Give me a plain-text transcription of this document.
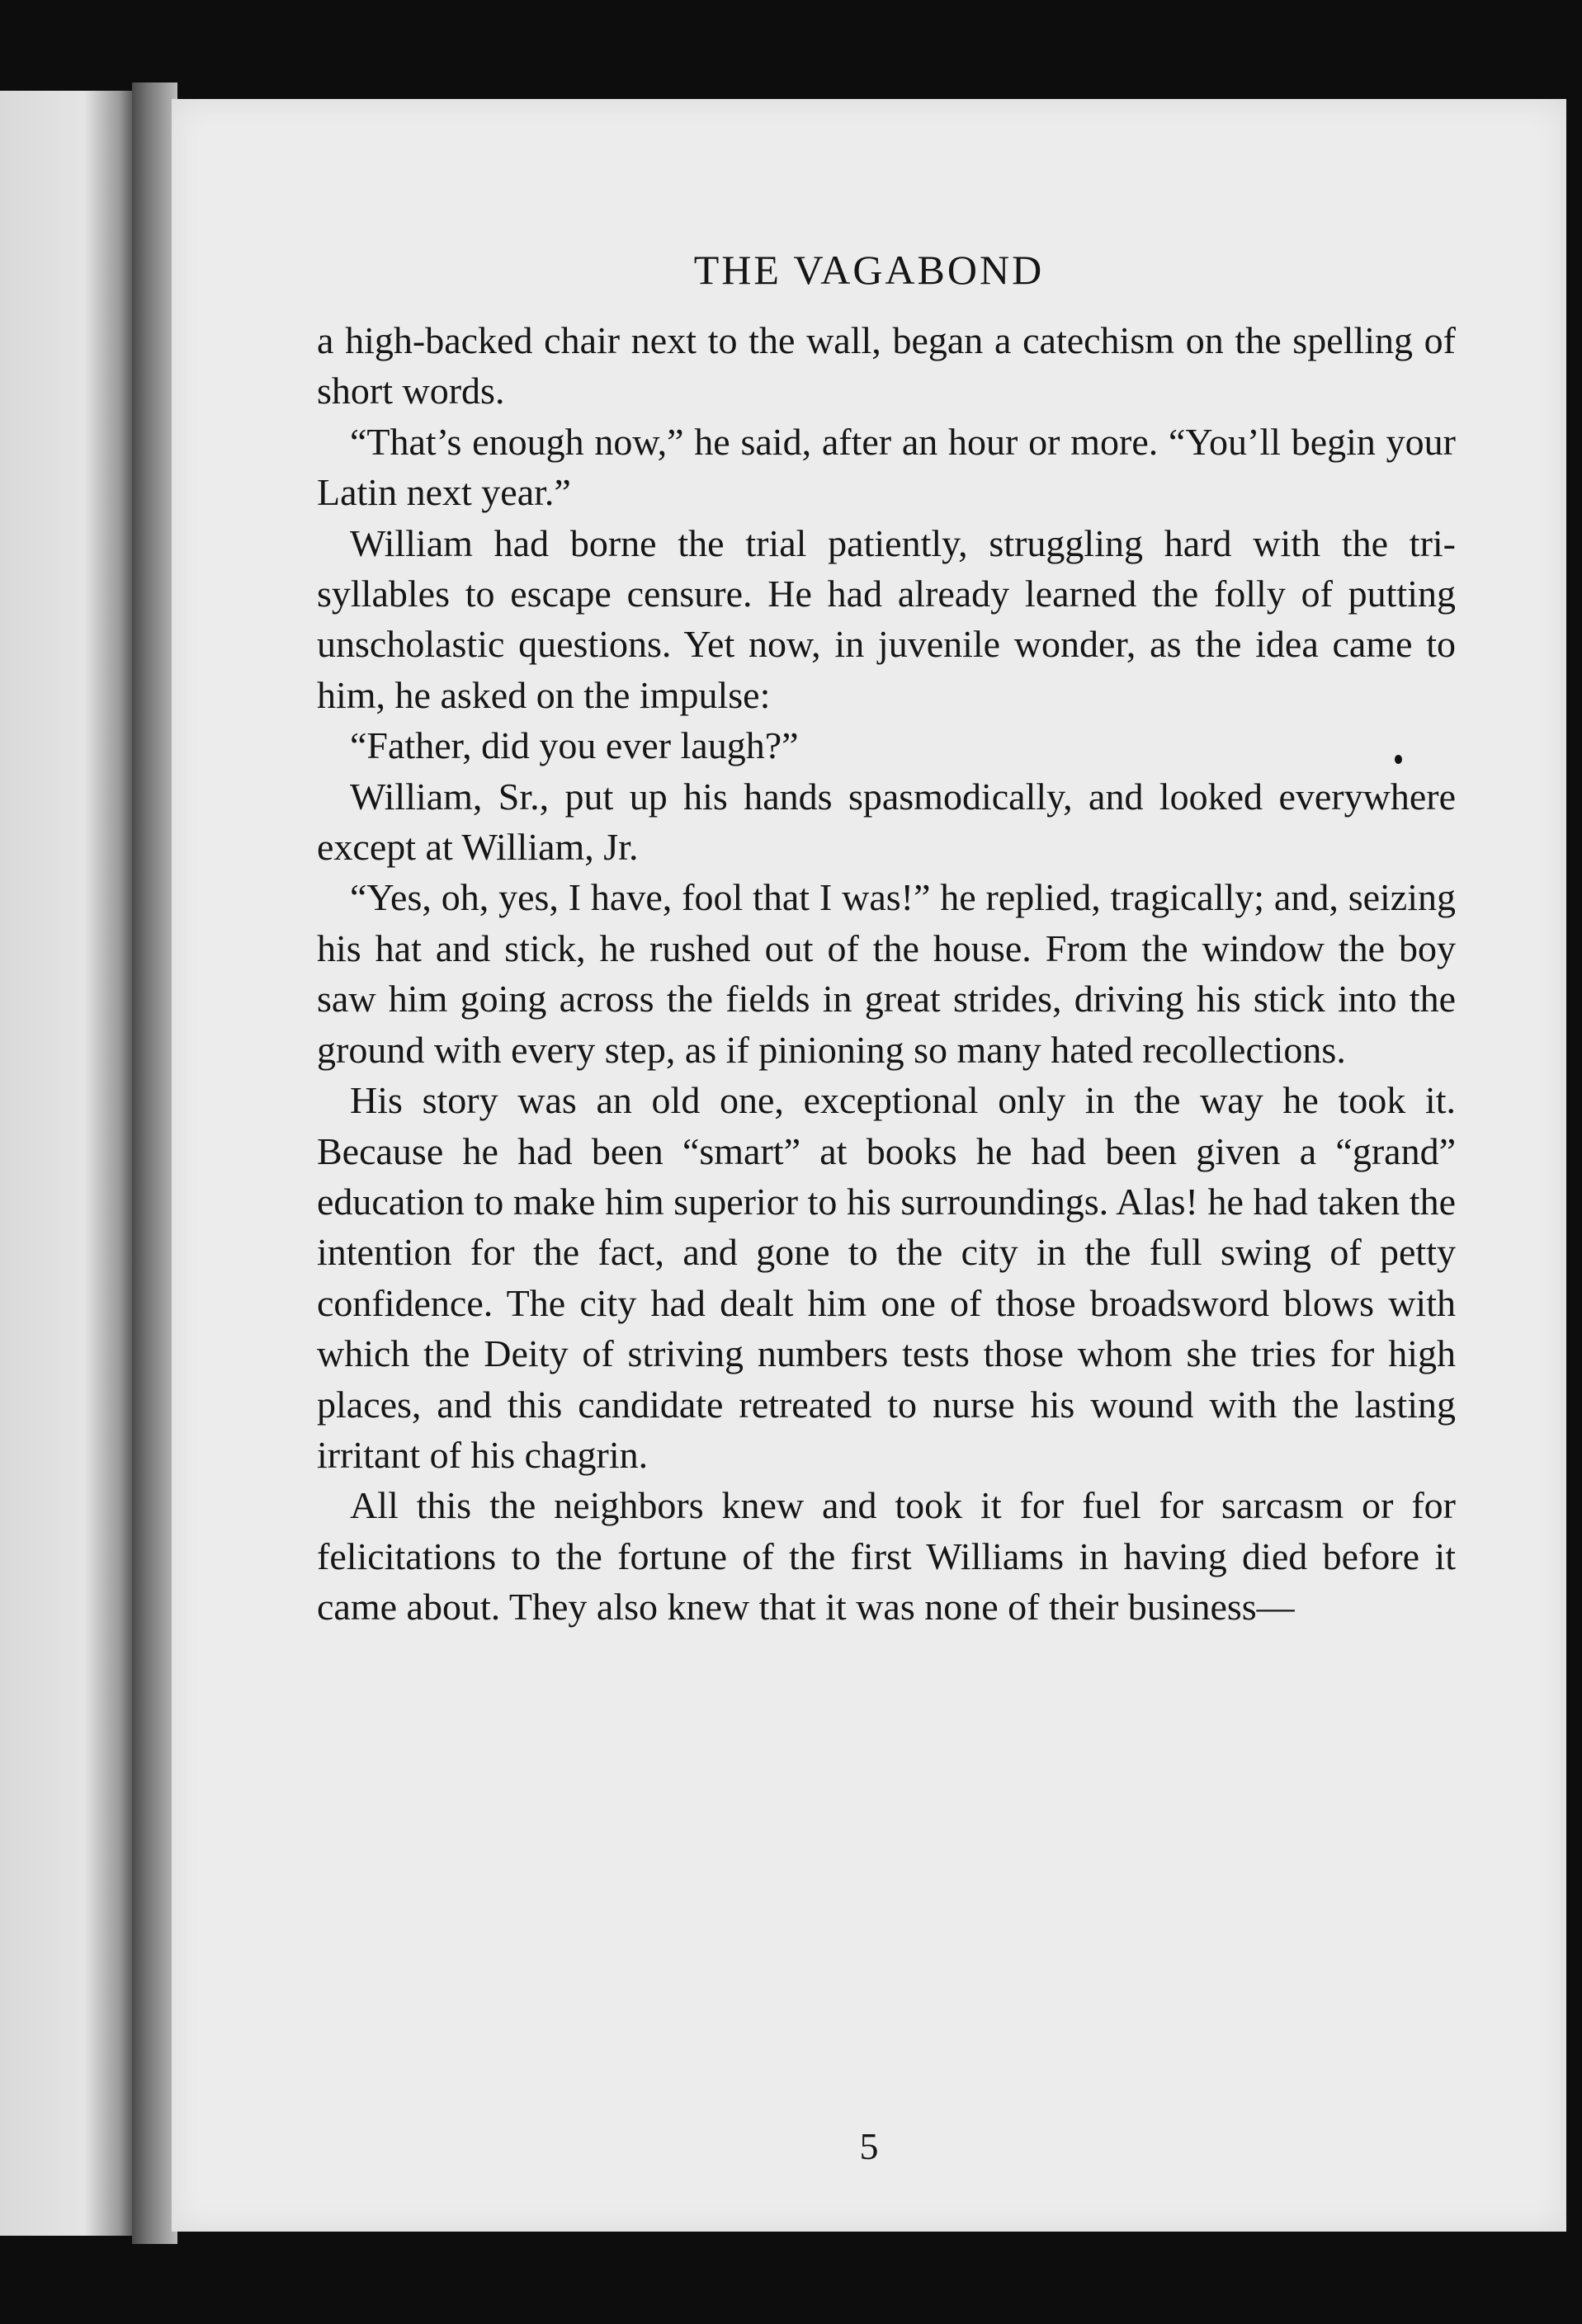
THE VAGABOND

a high-backed chair next to the wall, began a catechism on the spelling of short words.

“That’s enough now,” he said, after an hour or more. “You’ll begin your Latin next year.”

William had borne the trial patiently, struggling hard with the tri-syllables to escape censure. He had already learned the folly of putting unscholastic questions. Yet now, in juvenile wonder, as the idea came to him, he asked on the impulse:

“Father, did you ever laugh?”

William, Sr., put up his hands spasmodically, and looked everywhere except at William, Jr.

“Yes, oh, yes, I have, fool that I was!” he replied, tragically; and, seizing his hat and stick, he rushed out of the house. From the window the boy saw him going across the fields in great strides, driving his stick into the ground with every step, as if pinioning so many hated recollections.

His story was an old one, exceptional only in the way he took it. Because he had been “smart” at books he had been given a “grand” education to make him superior to his surroundings. Alas! he had taken the intention for the fact, and gone to the city in the full swing of petty confidence. The city had dealt him one of those broadsword blows with which the Deity of striving numbers tests those whom she tries for high places, and this candidate retreated to nurse his wound with the lasting irritant of his chagrin.

All this the neighbors knew and took it for fuel for sarcasm or for felicitations to the fortune of the first Williams in having died before it came about. They also knew that it was none of their business—

5
